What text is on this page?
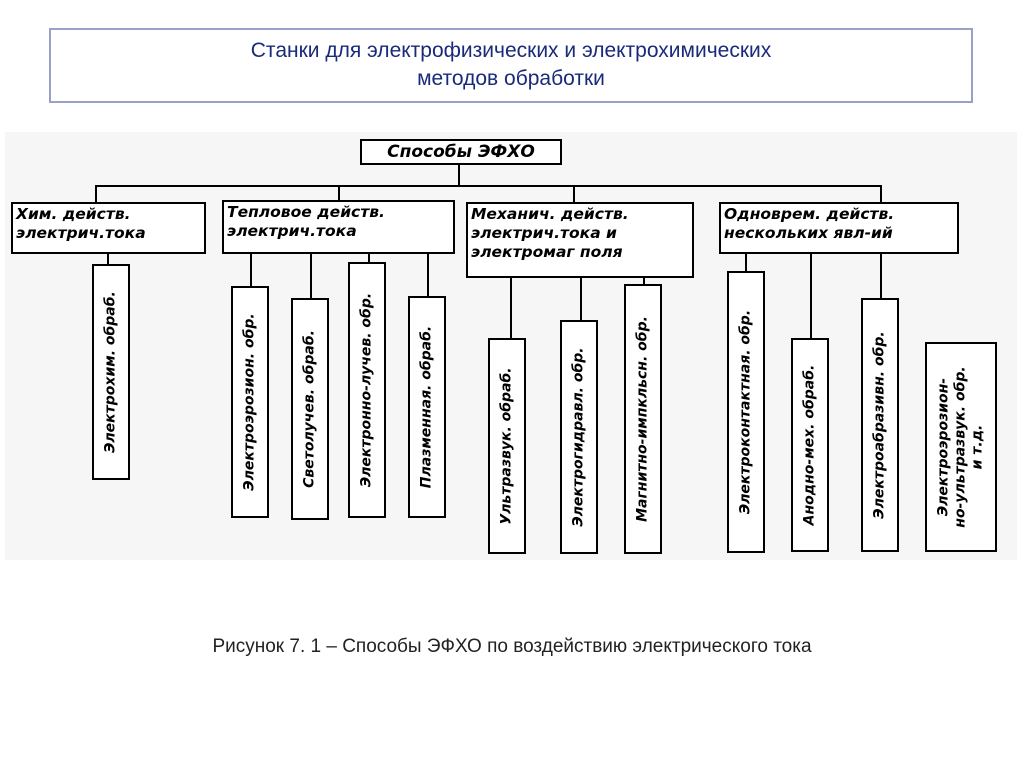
Станки для электрофизических и электрохимических
методов обработки
Способы ЭФХО
Хим. действ.
электрич.тока
Тепловое действ.
электрич.тока
Механич. действ.
электрич.тока и
электромаг поля
Одноврем. действ.
нескольких явл-ий
Электрохим. обраб.	Электроэрозион. обр.	Светолучев. обраб.	Электронно-лучев. обр.	Плазменная. обраб.	Ультразвук. обраб.	Электрогидравл. обр.	Магнитно-импкльсн. обр.	Электроконтактная. обр.	Анодно-мех. обраб.	Электроабразивн. обр.	Электроэрозион- но-ультразвук. обр. и т.д.
Рисунок 7. 1 – Способы ЭФХО по воздействию электрического тока
